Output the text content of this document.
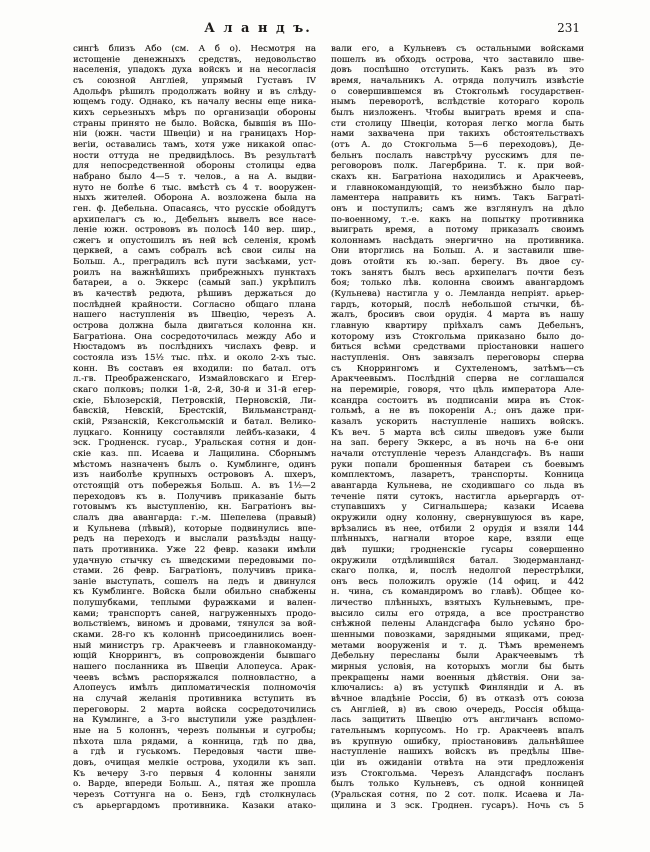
А л а н д ъ.	231
сингѣ близъ Або (см. А б о). Несмотря на
истощеніе денежныхъ средствъ, недовольство
населенія, упадокъ духа войскъ и на несогласія
съ союзной Англіей, упрямый Густавъ IV
Адольфъ рѣшилъ продолжать войну и въ слѣду-
ющемъ году. Однако, къ началу весны еще ника-
кихъ серьезныхъ мѣръ по организаціи обороны
страны принято не было. Войска, бывшія въ Шо-
ніи (южн. части Швеціи) и на границахъ Нор-
вегіи, оставались тамъ, хотя уже никакой опас-
ности оттуда не предвидѣлось. Въ результатѣ
для непосредственной обороны столицы едва
набрано было 4—5 т. челов., а на А. выдви-
нуто не болѣе 6 тыс. вмѣстѣ съ 4 т. вооружен-
ныхъ жителей. Оборона А. возложена была на
ген. ф. Дебельна. Опасаясь, что русскіе обойдутъ
архипелагъ съ ю., Дебельнъ вывелъ все насе-
леніе южн. острововъ въ полосѣ 140 вер. шир.,
сжегъ и опустошилъ въ ней всѣ селенія, кромѣ
церквей, а самъ собралъ всѣ свои силы на
Больш. А., преградилъ всѣ пути засѣками, уст-
роилъ на важнѣйшихъ прибрежныхъ пунктахъ
батареи, а о. Эккерс (самый зап.) укрѣпилъ
въ качествѣ редюта, рѣшивъ держаться до
послѣдней крайности. Согласно общаго плана
нашего наступленія въ Швецію, черезъ А.
острова должна была двигаться колонна кн.
Багратіона. Она сосредоточилась между Або и
Нюстадомъ въ послѣднихъ числахъ февр. и
состояла изъ 15½ тыс. пѣх. и около 2-хъ тыс.
конн. Въ составъ ея входили: по батал. отъ
л.-гв. Преображенскаго, Измайловскаго и Егер-
скаго полковъ; полки 1-й, 2-й, 30-й и 31-й егер-
скіе, Бѣлозерскій, Петровскій, Перновскій, Ли-
бавскій, Невскій, Брестскій, Вильманстранд-
скій, Рязанскій, Кексгольмскій и батал. Велико-
луцкаго. Конницу составляли лейбъ-казаки, 4
эск. Гродненск. гусар., Уральская сотня и дон-
скіе каз. пп. Исаева и Лащилина. Сборнымъ
мѣстомъ назначенъ былъ о. Кумблинге, одинъ
изъ наиболѣе крупныхъ острововъ А. шхеръ,
отстоящій отъ побережья Больш. А. въ 1½—2
переходовъ къ в. Получивъ приказаніе быть
готовымъ къ выступленію, кн. Багратіонъ вы-
слалъ два авангарда: г.-м. Шепелева (правый)
и Кульнева (лѣвый), которые подвинулись впе-
редъ на переходъ и выслали разъѣзды нащу-
пать противника. Уже 22 февр. казаки имѣли
удачную стычку съ шведскими передовыми по-
стами. 26 февр. Багратіонъ, получивъ прика-
заніе выступать, сошелъ на ледъ и двинулся
къ Кумблинге. Войска были обильно снабжены
полушубками, теплыми фуражками и вален-
ками; транспортъ саней, нагруженныхъ продо-
вольствіемъ, виномъ и дровами, тянулся за вой-
сками. 28-го къ колоннѣ присоединились воен-
ный министръ гр. Аракчеевъ и главнокоманду-
ющій Кноррингъ, въ сопровожденіи бывшаго
нашего посланника въ Швеціи Алопеуса. Арак-
чеевъ всѣмъ распоряжался полновластно, а
Алопеусъ имѣлъ дипломатическія полномочія
на случай желанія противника вступить въ
переговоры. 2 марта войска сосредоточились
на Кумлинге, а 3-го выступили уже раздѣлен-
ные на 5 колоннъ, черезъ полыньи и сугробы;
пѣхота шла рядами, а конница, гдѣ по два,
а гдѣ и гуськомъ. Передовыя части шве-
довъ, очищая мелкіе острова, уходили къ зап.
Къ вечеру 3-го первыя 4 колонны заняли
о. Варде, впереди Больш. А., пятая же прошла
черезъ Соттунга на о. Бенэ, гдѣ столкнулась
съ арьергардомъ противника. Казаки атако-
вали его, а Кульневъ съ остальными войсками
пошелъ въ обходъ острова, что заставило шве-
довъ поспѣшно отступить. Какъ разъ въ это
время, начальникъ А. отряда получилъ извѣстіе
о совершившемся въ Стокгольмѣ государствен-
нымъ переворотѣ, вслѣдствіе котораго король
былъ низложенъ. Чтобы выиграть время и спа-
сти столицу Швеціи, которая легко могла быть
нами захвачена при такихъ обстоятельствахъ
(отъ А. до Стокгольма 5—6 переходовъ), Де-
бельнъ послалъ навстрѣчу русскимъ для пе-
реговоровъ полк. Лагербрина. Т. к. при вой-
скахъ кн. Багратіона находились и Аракчеевъ,
и главнокомандующій, то неизбѣжно было пар-
ламентера направить къ нимъ. Такъ Баграті-
онъ и поступилъ; самъ же взглянулъ на дѣло
по-военному, т.-е. какъ на попытку противника
выиграть время, а потому приказалъ своимъ
колоннамъ насѣдать энергично на противника.
Они вторглись на Больш. А. и заставили шве-
довъ отойти къ ю.-зап. берегу. Въ двое су-
токъ занятъ былъ весь архипелагъ почти безъ
боя; только лѣв. колонна своимъ авангардомъ
(Кульнева) настигла у о. Лемланда непріят. арьер-
гардъ, который, послѣ небольшой стычки, бѣ-
жалъ, бросивъ свои орудія. 4 марта въ нашу
главную квартиру пріѣхалъ самъ Дебельнъ,
которому изъ Стокгольма приказано было до-
биться всѣми средствами пріостановки нашего
наступленія. Онъ завязалъ переговоры сперва
съ Кноррингомъ и Сухтеленомъ, затѣмъ—съ
Аракчеевымъ. Послѣдній сперва не соглашался
на перемиріе, говоря, что цѣль императора Але-
ксандра состоитъ въ подписаніи мира въ Сток-
гольмѣ, а не въ покореніи А.; онъ даже при-
казалъ ускорить наступленіе нашихъ войскъ.
Къ веч. 5 марта всѣ силы шведовъ уже были
на зап. берегу Эккерс, а въ ночь на 6-е они
начали отступленіе черезъ Аландсгафъ. Въ наши
руки попали брошенныя батареи съ боевымъ
комплектомъ, лазаретъ, транспорты. Конница
авангарда Кульнева, не сходившаго со льда въ
теченіе пяти сутокъ, настигла арьергардъ от-
ступавшихъ у Сигнальшера; казаки Исаева
окружили одну колонну, свернувшуюся въ каре,
врѣзались въ нее, отбили 2 орудія и взяли 144
плѣнныхъ, нагнали второе каре, взяли еще
двѣ пушки; гродненскіе гусары совершенно
окружили отдѣлившійся батал. Зюдерманланд-
скаго полка, и, послѣ недолгой перестрѣлки,
онъ весь положилъ оружіе (14 офиц. и 442
н. чина, съ командиромъ во главѣ). Общее ко-
личество плѣнныхъ, взятыхъ Кульневымъ, пре-
высило силы его отряда, а все пространство
снѣжной пелены Аландсгафа было усѣяно бро-
шенными повозками, зарядными ящиками, пред-
метами вооруженія и т. д. Тѣмъ временемъ
Дебельну пересланы были Аракчеевымъ тѣ
мирныя условія, на которыхъ могли бы быть
прекращены нами военныя дѣйствія. Они за-
ключались: а) въ уступкѣ Финляндіи и А. въ
вѣчное владѣніе Россіи, б) въ отказѣ отъ союза
съ Англіей, в) въ свою очередь, Россія обѣща-
лась защитить Швецію отъ англичанъ вспомо-
гательнымъ корпусомъ. Но гр. Аракчеевъ впалъ
въ крупную ошибку, пріостановивъ дальнѣйшее
наступленіе нашихъ войскъ въ предѣлы Шве-
ціи въ ожиданіи отвѣта на эти предложенія
изъ Стокгольма. Черезъ Аландсгафъ посланъ
былъ только Кульневъ, съ одной конницей
(Уральская сотня, по 2 сот. полк. Исаева и Ла-
щилина и 3 эск. Гроднен. гусаръ). Ночь съ 5
